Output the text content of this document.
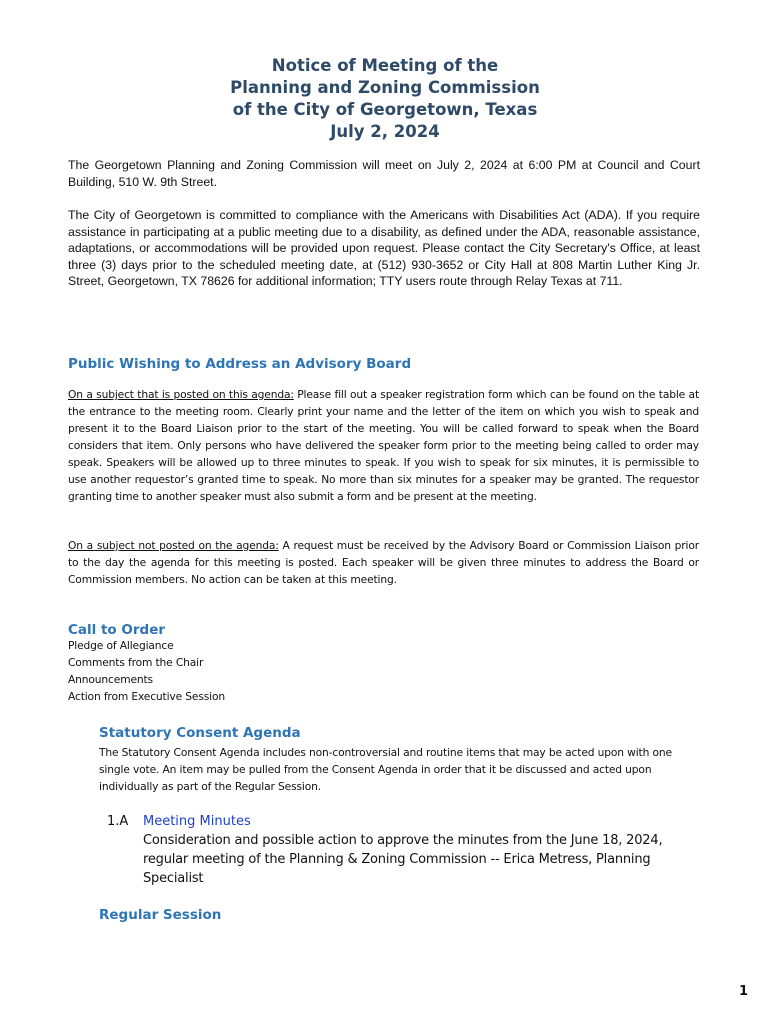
Notice of Meeting of the
Planning and Zoning Commission
of the City of Georgetown, Texas
July 2, 2024
The Georgetown Planning and Zoning Commission will meet on July 2, 2024 at 6:00 PM at Council and Court Building, 510 W. 9th Street.
The City of Georgetown is committed to compliance with the Americans with Disabilities Act (ADA). If you require assistance in participating at a public meeting due to a disability, as defined under the ADA, reasonable assistance, adaptations, or accommodations will be provided upon request. Please contact the City Secretary's Office, at least three (3) days prior to the scheduled meeting date, at (512) 930-3652 or City Hall at 808 Martin Luther King Jr. Street, Georgetown, TX 78626 for additional information; TTY users route through Relay Texas at 711.
Public Wishing to Address an Advisory Board
On a subject that is posted on this agenda: Please fill out a speaker registration form which can be found on the table at the entrance to the meeting room. Clearly print your name and the letter of the item on which you wish to speak and present it to the Board Liaison prior to the start of the meeting. You will be called forward to speak when the Board considers that item. Only persons who have delivered the speaker form prior to the meeting being called to order may speak. Speakers will be allowed up to three minutes to speak. If you wish to speak for six minutes, it is permissible to use another requestor’s granted time to speak. No more than six minutes for a speaker may be granted. The requestor granting time to another speaker must also submit a form and be present at the meeting.
On a subject not posted on the agenda: A request must be received by the Advisory Board or Commission Liaison prior to the day the agenda for this meeting is posted. Each speaker will be given three minutes to address the Board or Commission members. No action can be taken at this meeting.
Call to Order
Pledge of Allegiance
Comments from the Chair
Announcements
Action from Executive Session
Statutory Consent Agenda
The Statutory Consent Agenda includes non-controversial and routine items that may be acted upon with one single vote. An item may be pulled from the Consent Agenda in order that it be discussed and acted upon individually as part of the Regular Session.
1.A Meeting Minutes
Consideration and possible action to approve the minutes from the June 18, 2024, regular meeting of the Planning & Zoning Commission -- Erica Metress, Planning Specialist
Regular Session
1
